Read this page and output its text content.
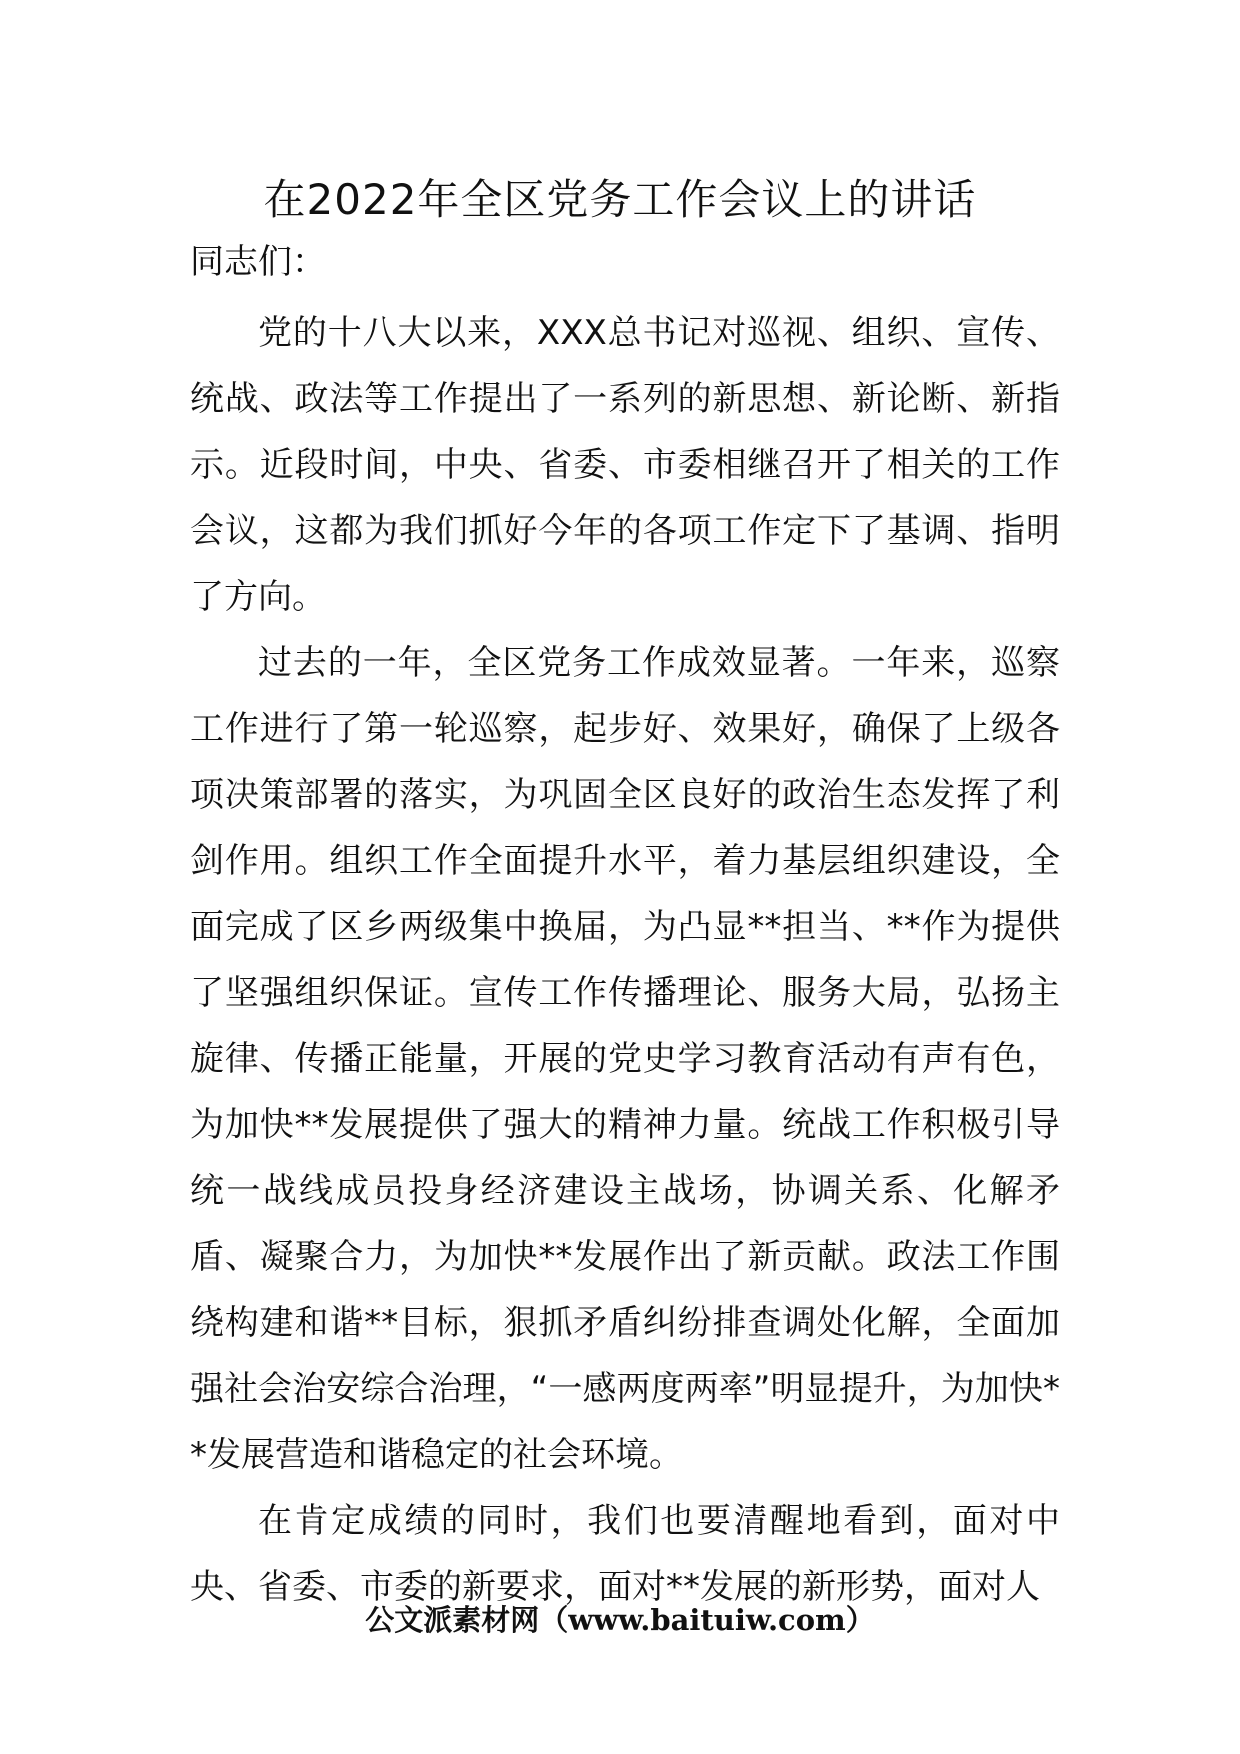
在2022年全区党务工作会议上的讲话
同志们：

党的十八大以来，XXX总书记对巡视、组织、宣传、统战、政法等工作提出了一系列的新思想、新论断、新指示。近段时间，中央、省委、市委相继召开了相关的工作会议，这都为我们抓好今年的各项工作定下了基调、指明了方向。

过去的一年，全区党务工作成效显著。一年来，巡察工作进行了第一轮巡察，起步好、效果好，确保了上级各项决策部署的落实，为巩固全区良好的政治生态发挥了利剑作用。组织工作全面提升水平，着力基层组织建设，全面完成了区乡两级集中换届，为凸显**担当、**作为提供了坚强组织保证。宣传工作传播理论、服务大局，弘扬主旋律、传播正能量，开展的党史学习教育活动有声有色，为加快**发展提供了强大的精神力量。统战工作积极引导统一战线成员投身经济建设主战场，协调关系、化解矛盾、凝聚合力，为加快**发展作出了新贡献。政法工作围绕构建和谐**目标，狠抓矛盾纠纷排查调处化解，全面加强社会治安综合治理，“一感两度两率”明显提升，为加快**发展营造和谐稳定的社会环境。

在肯定成绩的同时，我们也要清醒地看到，面对中央、省委、市委的新要求，面对**发展的新形势，面对人

公文派素材网（www.baituiw.com）
